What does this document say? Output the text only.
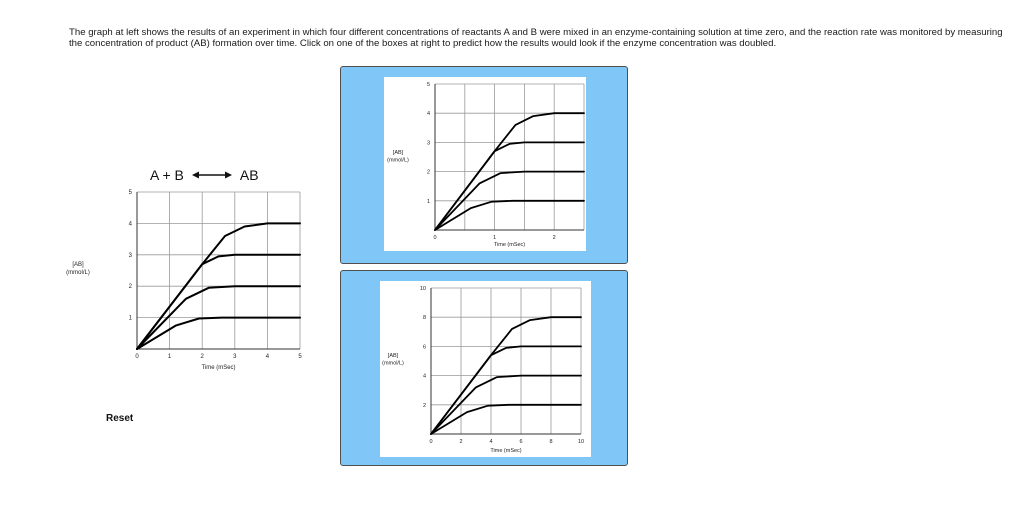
The graph at left shows the results of an experiment in which four different concentrations of reactants A and B were mixed in an enzyme-containing solution at time zero, and the reaction rate was monitored by measuring the concentration of product (AB) formation over time. Click on one of the boxes at right to predict how the results would look if the enzyme concentration was doubled.
A + B	AB
0	1	2	3	4	5
1
2
3
4
5
Time (mSec)
[AB]
(mmol/L)
0	1	2
1
2
3
4
5
Time (mSec)
[AB]
(mmol/L)
0	2	4	6	8	10
2
4
6
8
10
Time (mSec)
[AB]
(mmol/L)
Reset
